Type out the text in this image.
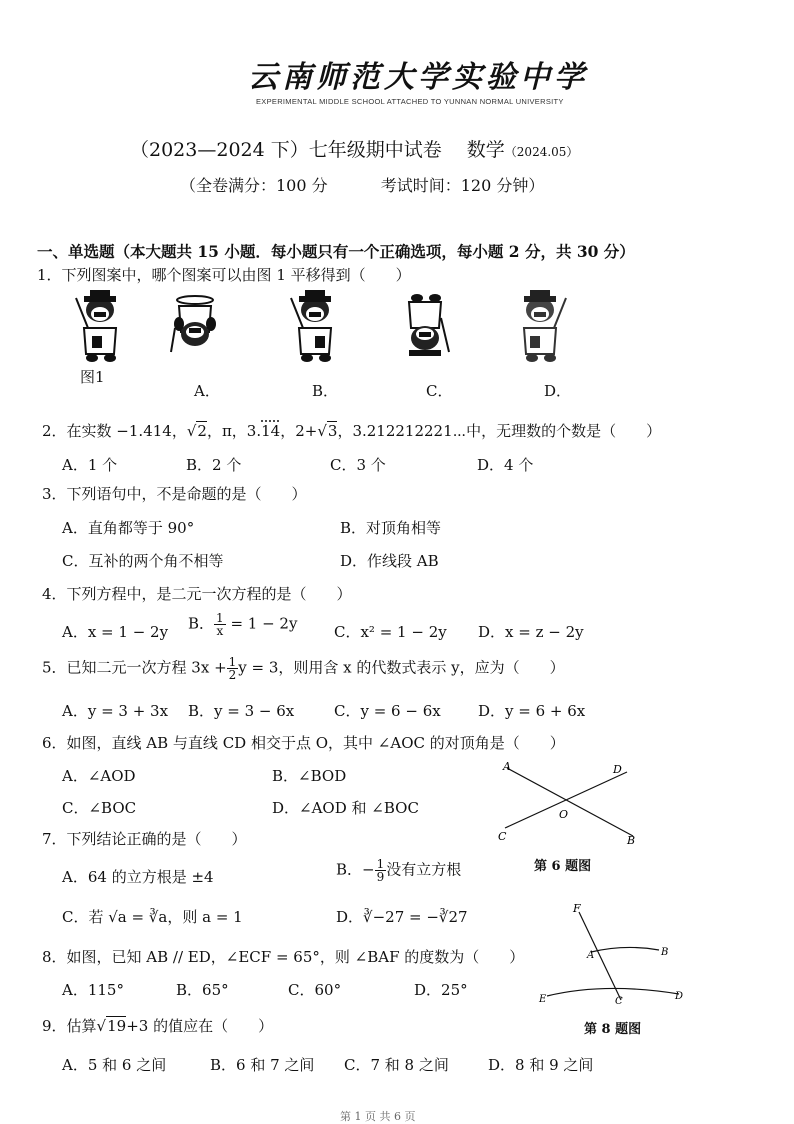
云南师范大学实验中学
EXPERIMENTAL MIDDLE SCHOOL ATTACHED TO YUNNAN NORMAL UNIVERSITY
（2023—2024 下）七年级期中试卷　 数学（2024.05）
（全卷满分：100 分　　　 考试时间：120 分钟）
一、单选题（本大题共 15 小题．每小题只有一个正确选项，每小题 2 分，共 30 分）
1．下列图案中，哪个图案可以由图 1 平移得到（　　）
图1
A．	B．	C．	D．
2．在实数 −1.414，√2，π，3.14，2+√3，3.212212221⋯中，无理数的个数是（　　）
A．1 个	B．2 个	C．3 个	D．4 个
3．下列语句中，不是命题的是（　　）
A．直角都等于 90°	B．对顶角相等
C．互补的两个角不相等	D．作线段 AB
4．下列方程中，是二元一次方程的是（　　）
A．x = 1 − 2y B． $\frac{1}{x} = 1 - 2y$ C．x² = 1 − 2y D．x = z − 2y
5．已知二元一次方程 $3x + \frac{1}{2}$ y = 3，则用含 x 的代数式表示 y，应为（　　）
A．y = 3 + 3x B．y = 3 − 6x	C．y = 6 − 6x D．y = 6 + 6x
6．如图，直线 AB 与直线 CD 相交于点 O，其中 ∠AOC 的对顶角是（　　）
A．∠AOD	B．∠BOD
C．∠BOC	D．∠AOD 和 ∠BOC
A	D
O
C	B
第 6 题图
7．下列结论正确的是（　　）
A．64 的立方根是 ±4	B．− $\frac{1}{9}$ 没有立方根
C．若 √a = ∛a，则 a = 1	D．∛−27 = −∛27
8．如图，已知 AB // ED，∠ECF = 65°，则 ∠BAF 的度数为（　　）
A．115°	B．65°	C．60°	D．25°
F
A	B
E	C	D
第 8 题图
9．估算√19+3 的值应在（　　）
A．5 和 6 之间	B．6 和 7 之间 C．7 和 8 之间	D．8 和 9 之间
第 1 页 共 6 页
